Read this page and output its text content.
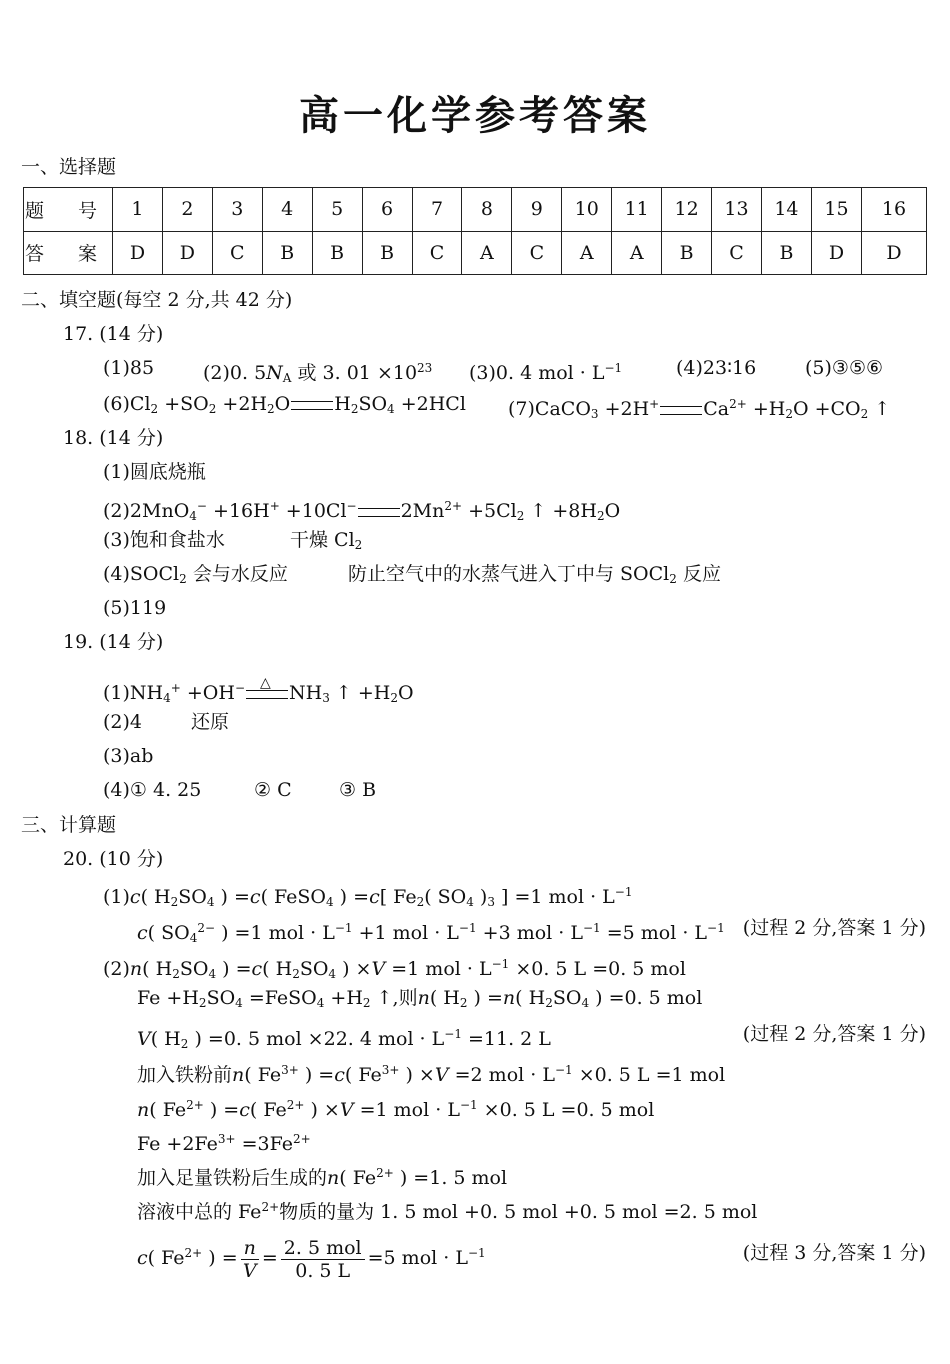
高一化学参考答案
一、选择题
题 号	1	2	3	4	5	6	7	8	9	10	11	12	13	14	15	16
答 案	D	D	C	B	B	B	C	A	C	A	A	B	C	B	D	D
二、填空题(每空 2 分,共 42 分)
17. (14 分)
(1)85	(2)0. $5N_A$ 或 3. $01 \times 10^{23}$ (3)0. 4 mol · $L^{-1}$	(4)23∶16	(5)③⑤⑥
$(6)Cl_2 +SO_2 +2H_2O$ $H_2SO_4 +2HCl$ (7)CaCO$_3$ +2H+ $Ca^{2+} +H_2O +CO_2$ ↑
18. (14 分)
(1)圆底烧瓶
(2)2MnO$_4$− +16H+ +10Cl− $2Mn^{2+} +5Cl_2$ ↑ $+8H_2O$
(3)饱和食盐水	干燥 $Cl_2$
(4)SOCl$_2$ 会与水反应	防止空气中的水蒸气进入丁中与 SOCl$_2$ 反应
(5)119
19. (14 分)
$(1)NH_4^+ +OH^-$ △ $NH_3$ ↑ $+H_2O$
(2)4	还原
(3)ab
(4)① 4. 25	② C ③ B
三、计算题
20. (10 分)
(1)c( $H_2SO_4$ ) =c( FeSO$_4$ ) =c[ $Fe_2$( $SO_4$ )$_3$ ] =1 mol · $L^{-1}$
c( $SO_4^{2-}$ ) =1 mol · $L^{-1} +1$ mol · $L^{-1} +3$ mol · $L^{-1} =5$ mol · $L^{-1}$ (过程 2 分,答案 1 分)
(2)n( $H_2SO_4$ ) =c( $H_2SO_4$ ) ×V =1 mol · $L^{-1} \times 0$. 5 L =0. 5 mol
$Fe +H_2SO_4$ =FeSO$_4$ $+H_2$ ↑,则n( $H_2$ ) =n( $H_2SO_4$ ) =0. 5 mol
V( $H_2$ ) =0. 5 mol ×22. 4 mol · $L^{-1} =11$. 2 L	(过程 2 分,答案 1 分)
加入铁粉前n( $Fe^{3+}$ ) =c( $Fe^{3+}$ ) ×V =2 mol · $L^{-1} \times 0$. 5 L =1 mol
n( $Fe^{2+}$ ) =c( $Fe^{2+}$ ) ×V =1 mol · $L^{-1} \times 0$. 5 L =0. 5 mol
$Fe +2Fe^{3+} =3Fe^{2+}$
加入足量铁粉后生成的n( $Fe^{2+}$ ) =1. 5 mol
溶液中总的 $Fe^{2+}$物质的量为 1. 5 mol +0. 5 mol +0. 5 mol =2. 5 mol
c( $Fe^{2+}$ ) = $\frac{n}{V} = \frac{\text{2. 5 mol}}{0. 5 L} =5$ mol · $L^{-1}$	(过程 3 分,答案 1 分)
